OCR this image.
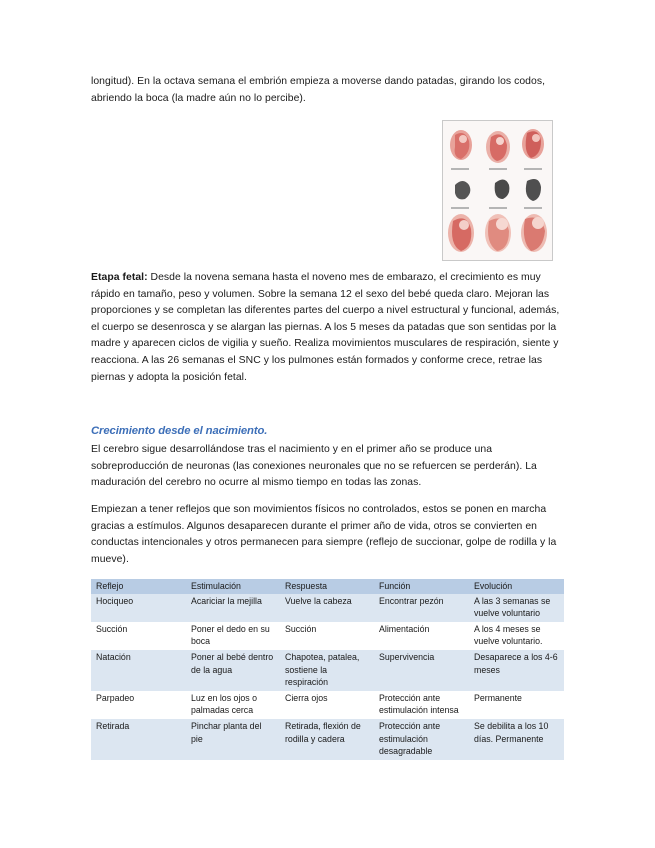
longitud). En la octava semana el embrión empieza a moverse dando patadas, girando los codos, abriendo la boca (la madre aún no lo percibe).

Etapa fetal: Desde la novena semana hasta el noveno mes de embarazo, el crecimiento es muy rápido en tamaño, peso y volumen. Sobre la semana 12 el sexo del bebé queda claro. Mejoran las proporciones y se completan las diferentes partes del cuerpo a nivel estructural y funcional, además, el cuerpo se desenrosca y se alargan las piernas. A los 5 meses da patadas que son sentidas por la madre y aparecen ciclos de vigilia y sueño. Realiza movimientos musculares de respiración, siente y reacciona. A las 26 semanas el SNC y los pulmones están formados y conforme crece, retrae las piernas y adopta la posición fetal.

Crecimiento desde el nacimiento.

El cerebro sigue desarrollándose tras el nacimiento y en el primer año se produce una sobreproducción de neuronas (las conexiones neuronales que no se refuercen se perderán). La maduración del cerebro no ocurre al mismo tiempo en todas las zonas.

Empiezan a tener reflejos que son movimientos físicos no controlados, estos se ponen en marcha gracias a estímulos. Algunos desaparecen durante el primer año de vida, otros se convierten en conductas intencionales y otros permanecen para siempre (reflejo de succionar, golpe de rodilla y la mueve).

Reflejo	Estimulación	Respuesta	Función	Evolución
Hociqueo	Acariciar la mejilla	Vuelve la cabeza	Encontrar pezón	A las 3 semanas se vuelve voluntario
Succión	Poner el dedo en su boca	Succión	Alimentación	A los 4 meses se vuelve voluntario.
Natación	Poner al bebé dentro de la agua	Chapotea, patalea, sostiene la respiración	Supervivencia	Desaparece a los 4-6 meses
Parpadeo	Luz en los ojos o palmadas cerca	Cierra ojos	Protección ante estimulación intensa	Permanente
Retirada	Pinchar planta del pie	Retirada, flexión de rodilla y cadera	Protección ante estimulación desagradable	Se debilita a los 10 días. Permanente
